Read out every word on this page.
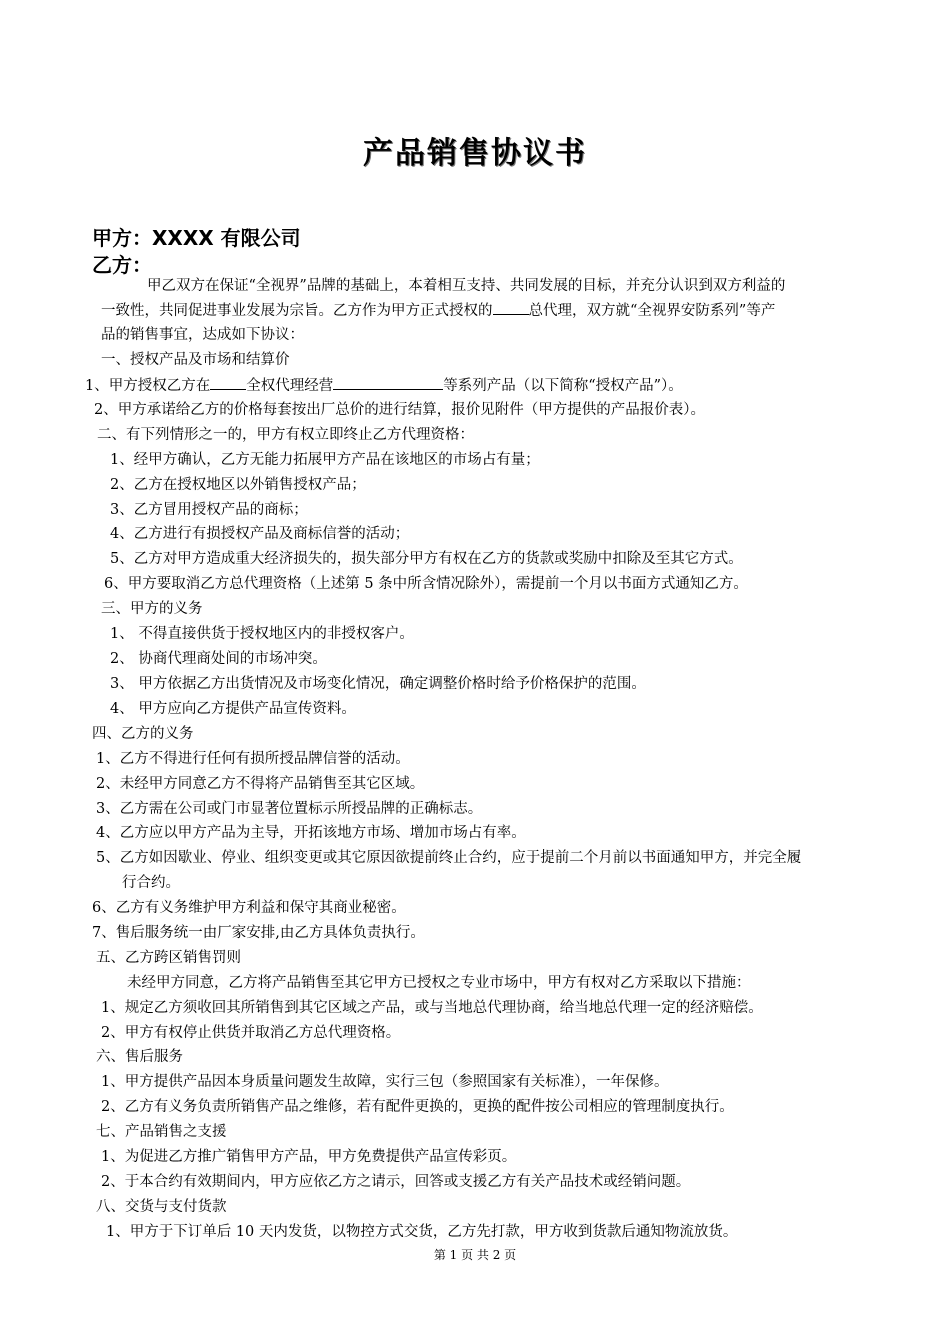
产品销售协议书
甲方：XXXX 有限公司
乙方：
甲乙双方在保证“全视界”品牌的基础上，本着相互支持、共同发展的目标，并充分认识到双方利益的
一致性，共同促进事业发展为宗旨。乙方作为甲方正式授权的 总代理，双方就“全视界安防系列”等产
品的销售事宜，达成如下协议：
一、授权产品及市场和结算价
1、甲方授权乙方在 全权代理经营	等系列产品（以下简称“授权产品”）。
2、甲方承诺给乙方的价格每套按出厂总价的进行结算，报价见附件（甲方提供的产品报价表）。
二、有下列情形之一的，甲方有权立即终止乙方代理资格：
1、经甲方确认，乙方无能力拓展甲方产品在该地区的市场占有量；
2、乙方在授权地区以外销售授权产品；
3、乙方冒用授权产品的商标；
4、乙方进行有损授权产品及商标信誉的活动；
5、乙方对甲方造成重大经济损失的，损失部分甲方有权在乙方的货款或奖励中扣除及至其它方式。
6、甲方要取消乙方总代理资格（上述第 5 条中所含情况除外），需提前一个月以书面方式通知乙方。
三、甲方的义务
1、 不得直接供货于授权地区内的非授权客户。
2、 协商代理商处间的市场冲突。
3、 甲方依据乙方出货情况及市场变化情况，确定调整价格时给予价格保护的范围。
4、 甲方应向乙方提供产品宣传资料。
四、乙方的义务
1、乙方不得进行任何有损所授品牌信誉的活动。
2、未经甲方同意乙方不得将产品销售至其它区域。
3、乙方需在公司或门市显著位置标示所授品牌的正确标志。
4、乙方应以甲方产品为主导，开拓该地方市场、增加市场占有率。
5、乙方如因歇业、停业、组织变更或其它原因欲提前终止合约，应于提前二个月前以书面通知甲方，并完全履
行合约。
6、乙方有义务维护甲方利益和保守其商业秘密。
7、售后服务统一由厂家安排,由乙方具体负责执行。
五、乙方跨区销售罚则
未经甲方同意，乙方将产品销售至其它甲方已授权之专业市场中，甲方有权对乙方采取以下措施：
1、规定乙方须收回其所销售到其它区域之产品，或与当地总代理协商，给当地总代理一定的经济赔偿。
2、甲方有权停止供货并取消乙方总代理资格。
六、售后服务
1、甲方提供产品因本身质量问题发生故障，实行三包（参照国家有关标准），一年保修。
2、乙方有义务负责所销售产品之维修，若有配件更换的，更换的配件按公司相应的管理制度执行。
七、产品销售之支援
1、为促进乙方推广销售甲方产品，甲方免费提供产品宣传彩页。
2、于本合约有效期间内，甲方应依乙方之请示，回答或支援乙方有关产品技术或经销问题。
八、交货与支付货款
1、甲方于下订单后 10 天内发货，以物控方式交货，乙方先打款，甲方收到货款后通知物流放货。
第 1 页 共 2 页
